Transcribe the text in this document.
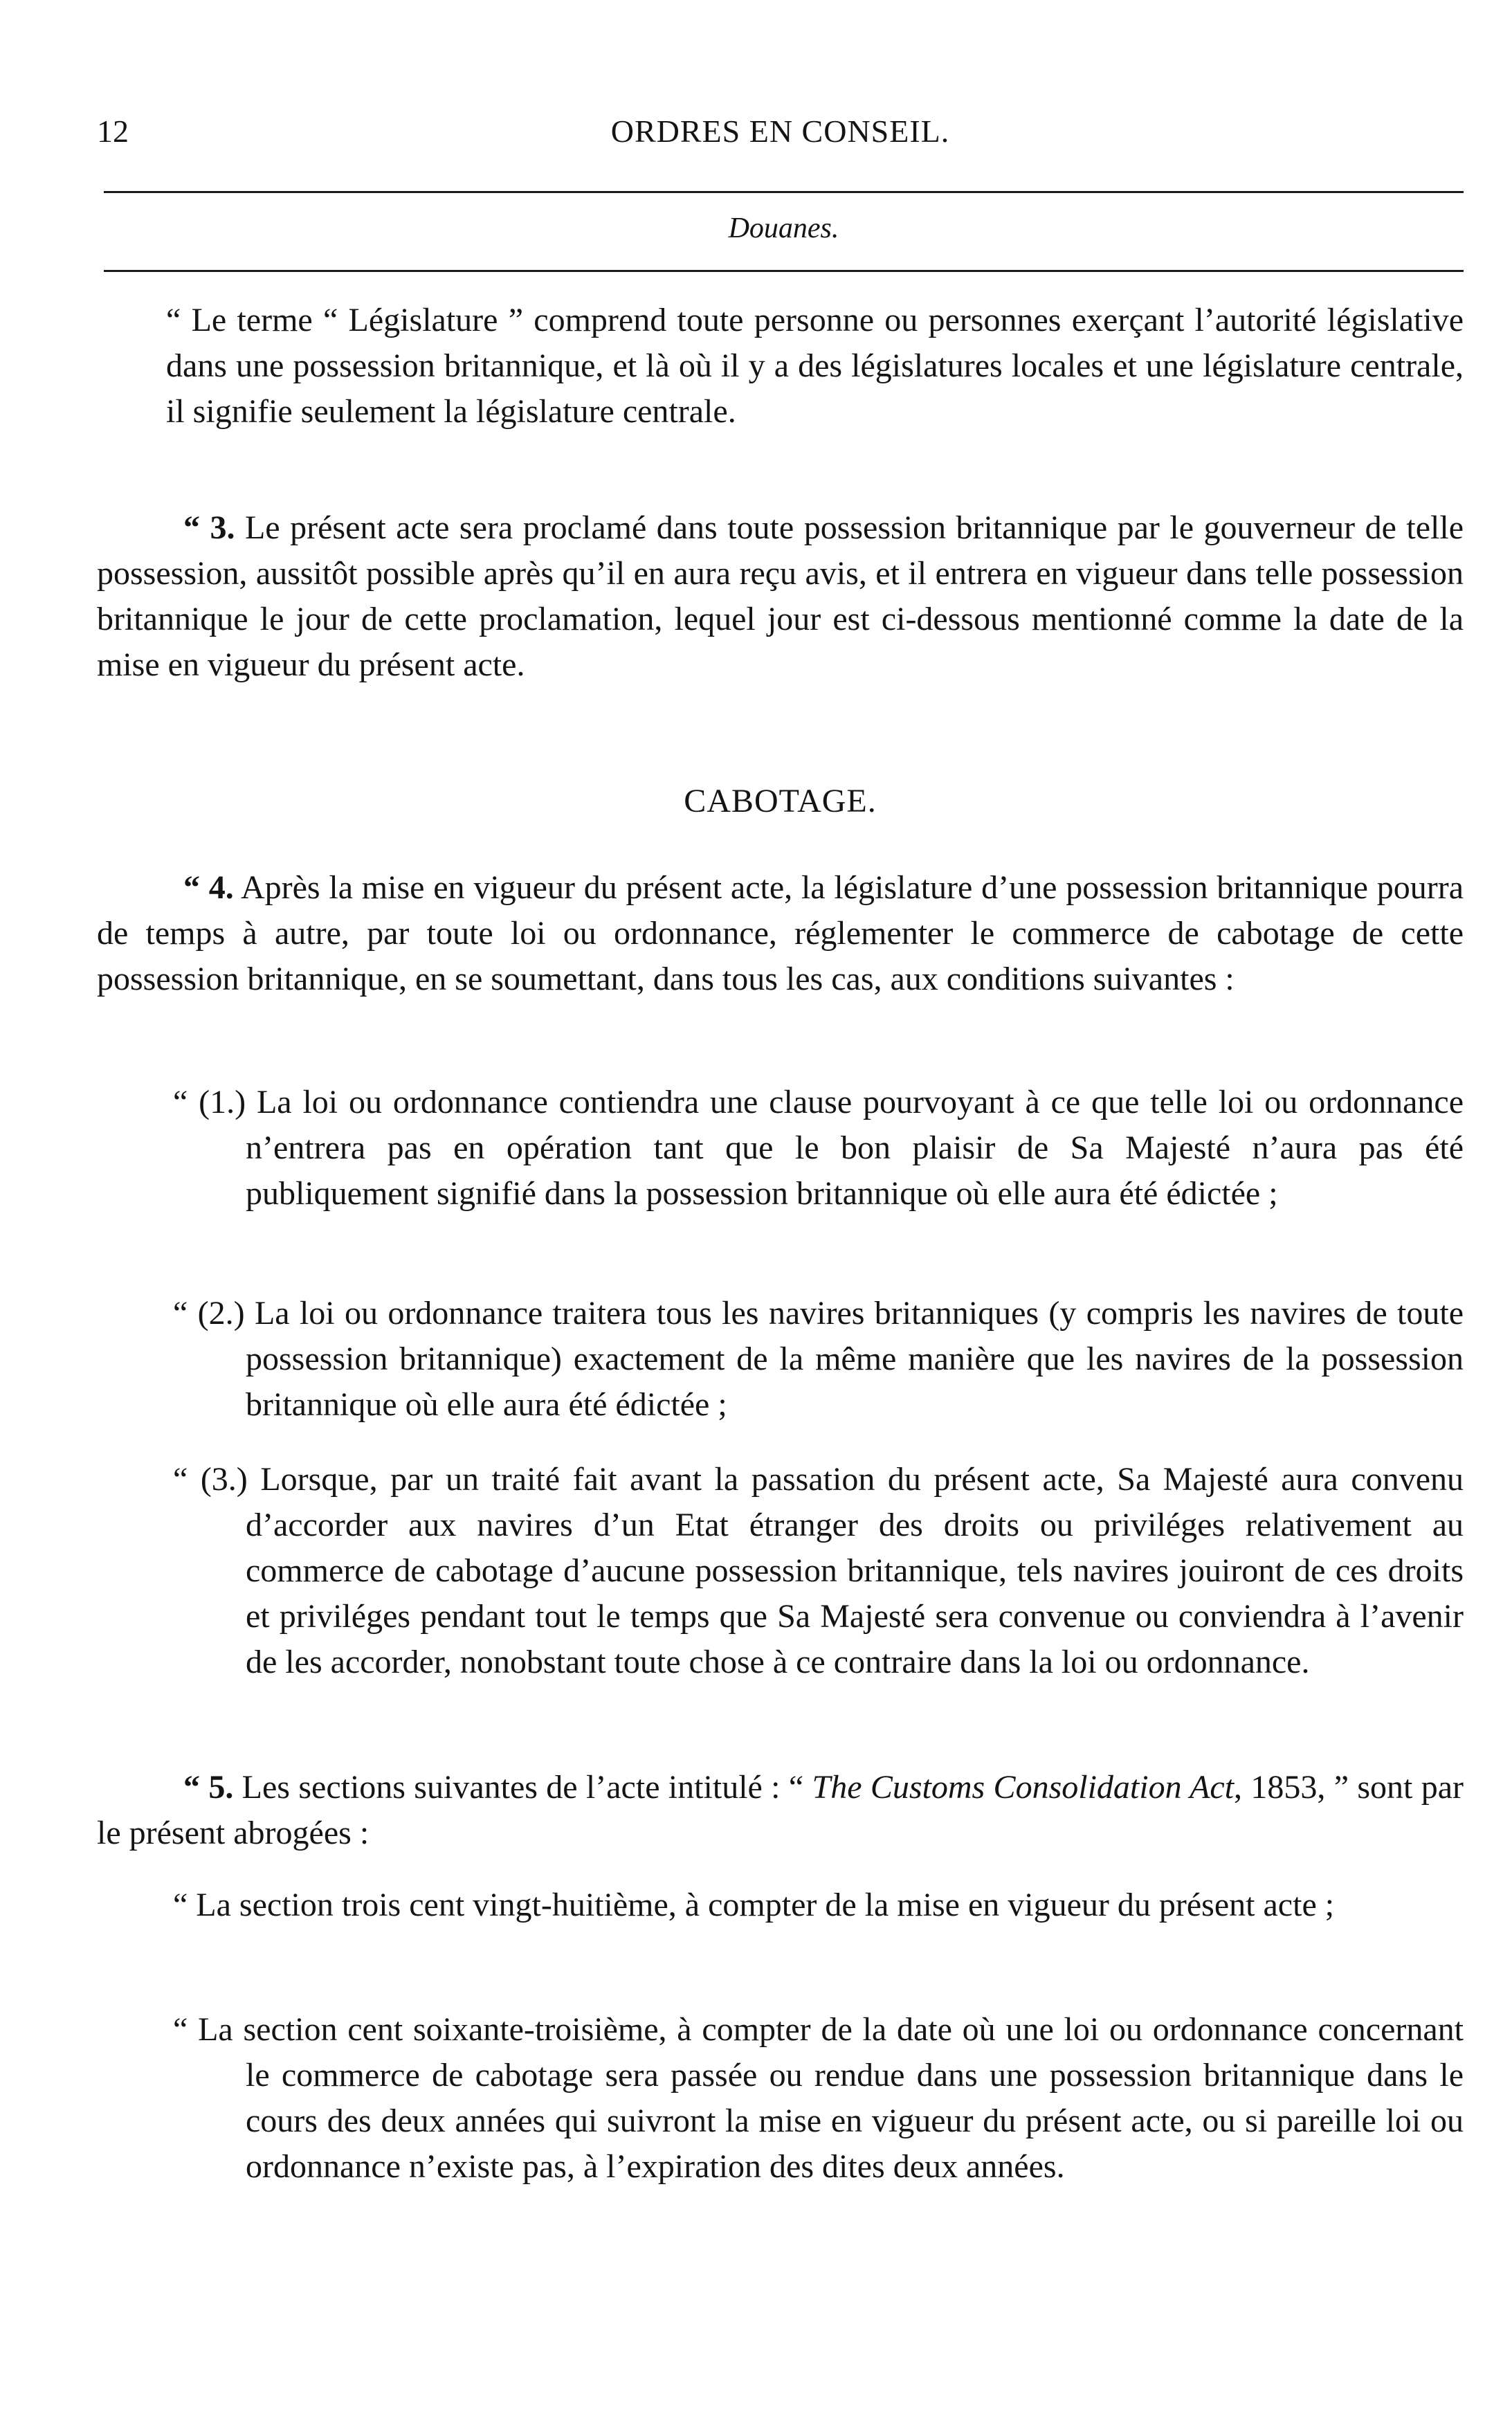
12	ORDRES EN CONSEIL.
Douanes.
“ Le terme “ Législature ” comprend toute personne ou personnes exerçant l’autorité législative dans une possession britannique, et là où il y a des législatures locales et une législature centrale, il signifie seulement la législature centrale.
“ 3. Le présent acte sera proclamé dans toute possession britannique par le gouverneur de telle possession, aussitôt possible après qu’il en aura reçu avis, et il entrera en vigueur dans telle possession britannique le jour de cette proclamation, lequel jour est ci-dessous mentionné comme la date de la mise en vigueur du présent acte.
CABOTAGE.
“ 4. Après la mise en vigueur du présent acte, la législature d’une possession britannique pourra de temps à autre, par toute loi ou ordonnance, réglementer le commerce de cabotage de cette possession britannique, en se soumettant, dans tous les cas, aux conditions suivantes :
“ (1.) La loi ou ordonnance contiendra une clause pourvoyant à ce que telle loi ou ordonnance n’entrera pas en opération tant que le bon plaisir de Sa Majesté n’aura pas été publiquement signifié dans la possession britannique où elle aura été édictée ;
“ (2.) La loi ou ordonnance traitera tous les navires britanniques (y compris les navires de toute possession britannique) exactement de la même manière que les navires de la possession britannique où elle aura été édictée ;
“ (3.) Lorsque, par un traité fait avant la passation du présent acte, Sa Majesté aura convenu d’accorder aux navires d’un Etat étranger des droits ou priviléges relativement au commerce de cabotage d’aucune possession britannique, tels navires jouiront de ces droits et priviléges pendant tout le temps que Sa Majesté sera convenue ou conviendra à l’avenir de les accorder, nonobstant toute chose à ce contraire dans la loi ou ordonnance.
“ 5. Les sections suivantes de l’acte intitulé : “ The Customs Consolidation Act, 1853, ” sont par le présent abrogées :
“ La section trois cent vingt-huitième, à compter de la mise en vigueur du présent acte ;
“ La section cent soixante-troisième, à compter de la date où une loi ou ordonnance concernant le commerce de cabotage sera passée ou rendue dans une possession britannique dans le cours des deux années qui suivront la mise en vigueur du présent acte, ou si pareille loi ou ordonnance n’existe pas, à l’expiration des dites deux années.
